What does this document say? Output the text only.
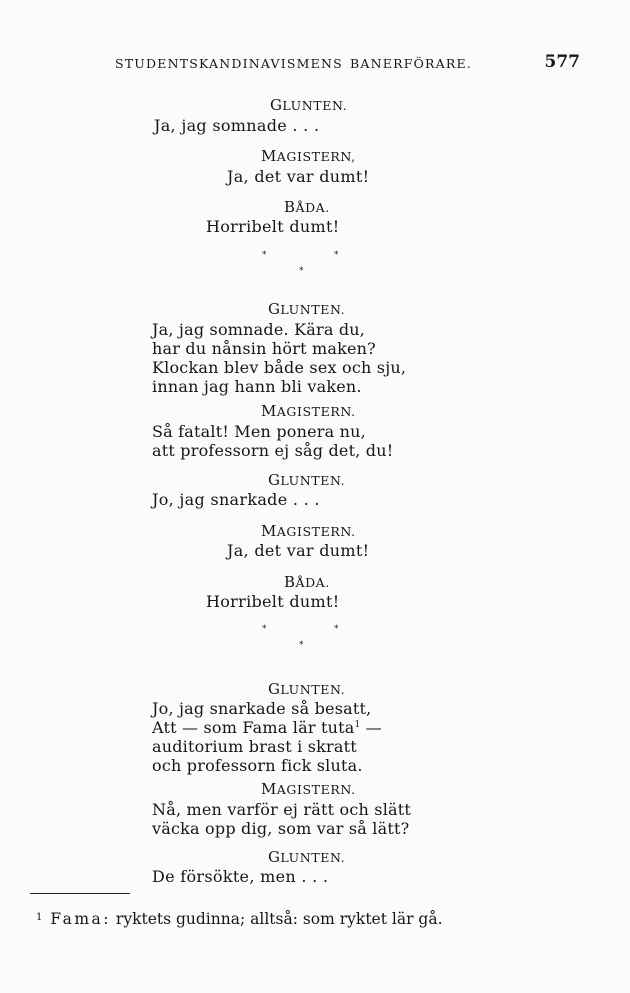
STUDENTSKANDINAVISMENS BANERFÖRARE.	577
GLUNTEN.
Ja, jag somnade . . .
MAGISTERN,
Ja, det var dumt!
BÅDA.
Horribelt dumt!
*	*
*
GLUNTEN.
Ja, jag somnade. Kära du,
har du nånsin hört maken?
Klockan blev både sex och sju,
innan jag hann bli vaken.
MAGISTERN.
Så fatalt! Men ponera nu,
att professorn ej såg det, du!
GLUNTEN.
Jo, jag snarkade . . .
MAGISTERN.
Ja, det var dumt!
BÅDA.
Horribelt dumt!
*	*
*
GLUNTEN.
Jo, jag snarkade så besatt,
Att — som Fama lär tuta$^1$ —
auditorium brast i skratt
och professorn fick sluta.
MAGISTERN.
Nå, men varför ej rätt och slätt
väcka opp dig, som var så lätt?
GLUNTEN.
De försökte, men . . .
$^1$ Fama: ryktets gudinna; alltså: som ryktet lär gå.
